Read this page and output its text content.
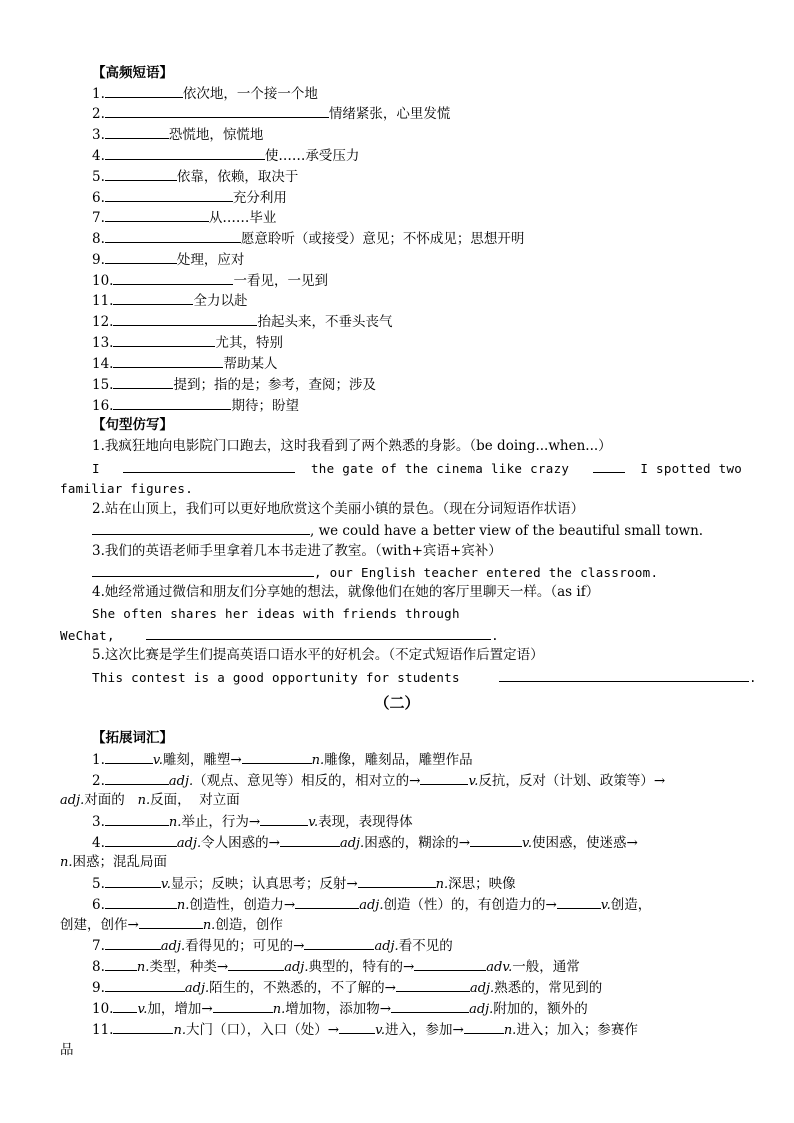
【高频短语】
1.	依次地，一个接一个地
2.	情绪紧张，心里发慌
3.	恐慌地，惊慌地
4.	使……承受压力
5.	依靠，依赖，取决于
6.	充分利用
7.	从……毕业
8.	愿意聆听（或接受）意见；不怀成见；思想开明
9.	处理，应对
10.	一看见，一见到
11.	全力以赴
12.	抬起头来，不垂头丧气
13.	尤其，特别
14.	帮助某人
15.	提到；指的是；参考，查阅；涉及
16.	期待；盼望
【句型仿写】
1.我疯狂地向电影院门口跑去，这时我看到了两个熟悉的身影。（be doing...when...）
I	the gate of the cinema like crazy	I spotted two
familiar figures.
2.站在山顶上，我们可以更好地欣赏这个美丽小镇的景色。（现在分词短语作状语）
, we could have a better view of the beautiful small town.
3.我们的英语老师手里拿着几本书走进了教室。（with+宾语+宾补）
, our English teacher entered the classroom.
4.她经常通过微信和朋友们分享她的想法，就像他们在她的客厅里聊天一样。（as if）
She often shares her ideas with friends through
WeChat,	.
5.这次比赛是学生们提高英语口语水平的好机会。（不定式短语作后置定语）
This contest is a good opportunity for students	.
（二）
【拓展词汇】
1.	v.雕刻，雕塑→	n.雕像，雕刻品，雕塑作品
2.	adj.（观点、意见等）相反的，相对立的→	v.反抗，反对（计划、政策等）→
adj.对面的 n.反面， 对立面
3.	n.举止，行为→	v.表现，表现得体
4.	adj.令人困惑的→	adj.困惑的，糊涂的→	v.使困惑，使迷惑→
n.困惑；混乱局面
5.	v.显示；反映；认真思考；反射→	n.深思；映像
6.	n.创造性，创造力→	adj.创造（性）的，有创造力的→	v.创造，
创建，创作→	n.创造，创作
7.	adj.看得见的；可见的→	adj.看不见的
8. n.类型，种类→	adj.典型的，特有的→	adv.一般，通常
9.	adj.陌生的，不熟悉的，不了解的→	adj.熟悉的，常见到的
10. v.加，增加→	n.增加物，添加物→	adj.附加的，额外的
11.	n.大门（口），入口（处）→	v.进入，参加→	n.进入；加入；参赛作
品
